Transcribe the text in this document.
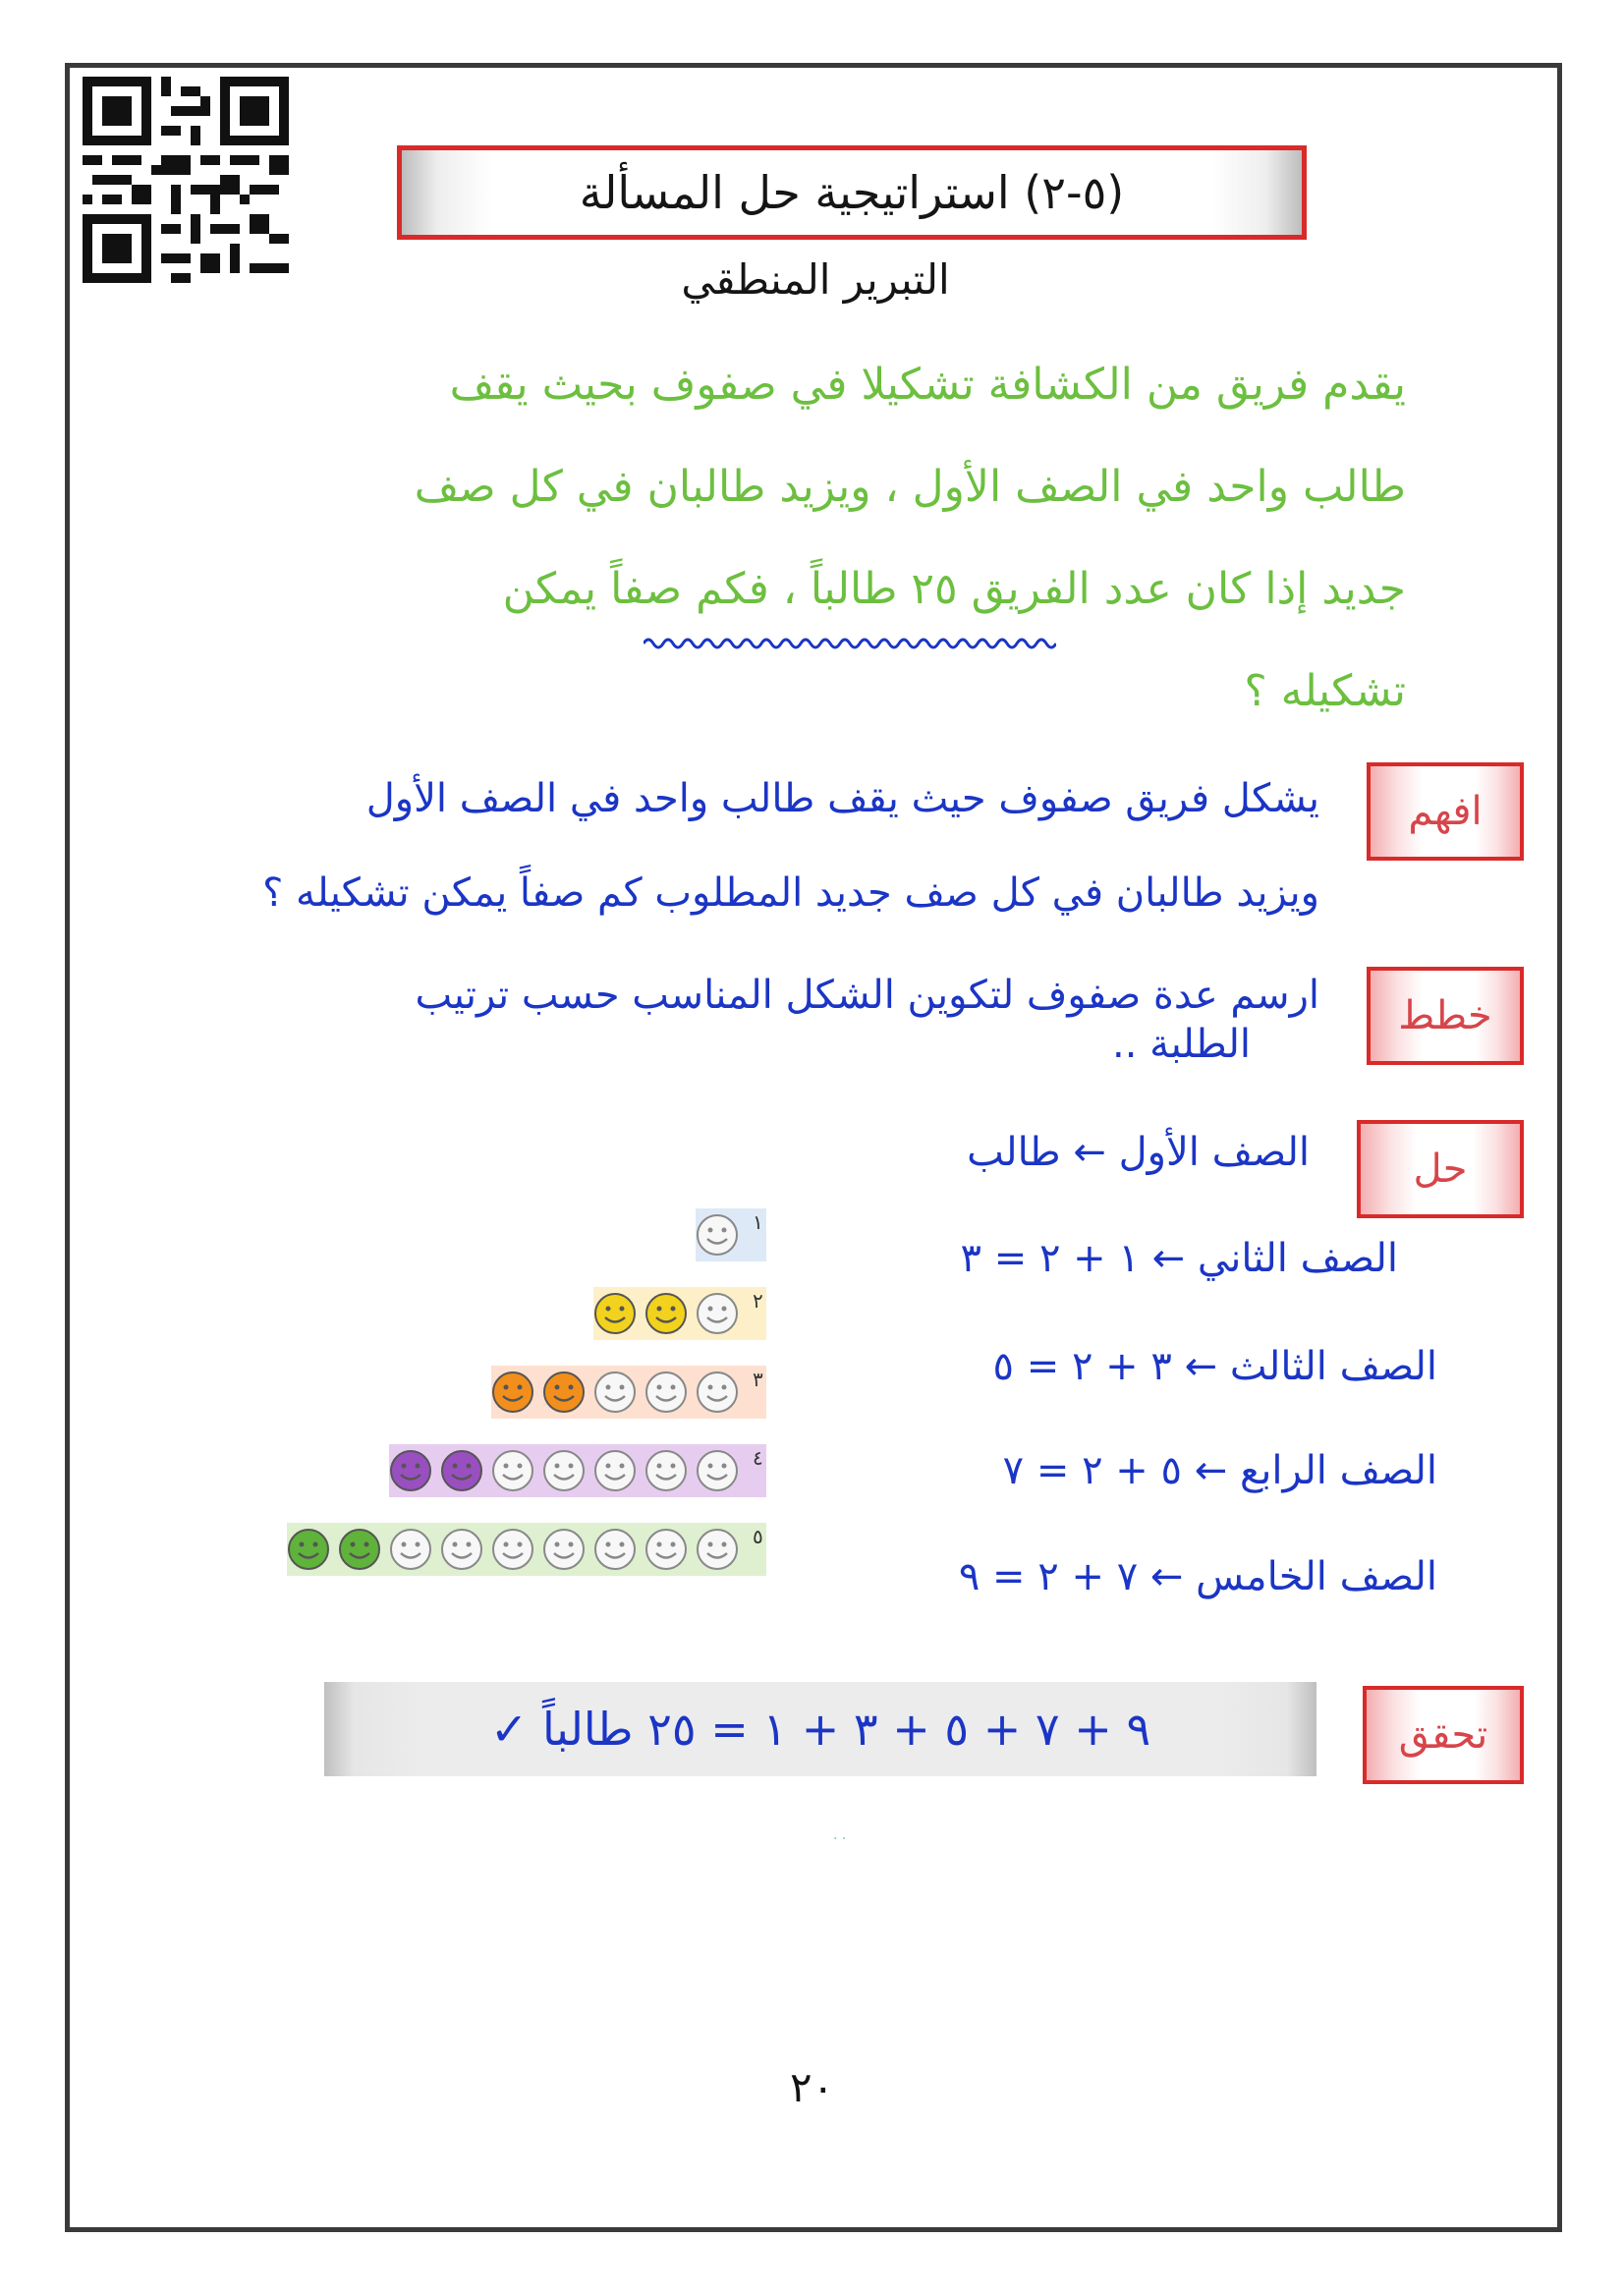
(٥-٢) استراتيجية حل المسألة
التبرير المنطقي
يقدم فريق من الكشافة تشكيلا في صفوف بحيث يقف
طالب واحد في الصف الأول ، ويزيد طالبان في كل صف
جديد إذا كان عدد الفريق ٢٥ طالباً ، فكم صفاً يمكن
تشكيله ؟
افهم
يشكل فريق صفوف حيث يقف طالب واحد في الصف الأول
ويزيد طالبان في كل صف جديد المطلوب كم صفاً يمكن تشكيله ؟
خطط
ارسم عدة صفوف لتكوين الشكل المناسب حسب ترتيب
الطلبة ..
حل
الصف الأول ← طالب
الصف الثاني ← ١ + ٢ = ٣
الصف الثالث ← ٣ + ٢ = ٥
الصف الرابع ← ٥ + ٢ = ٧
الصف الخامس ← ٧ + ٢ = ٩
١
٢
٣
٤
٥
٩ + ٧ + ٥ + ٣ + ١ = ٢٥ طالباً ✓	تحقق
. .
٢٠
